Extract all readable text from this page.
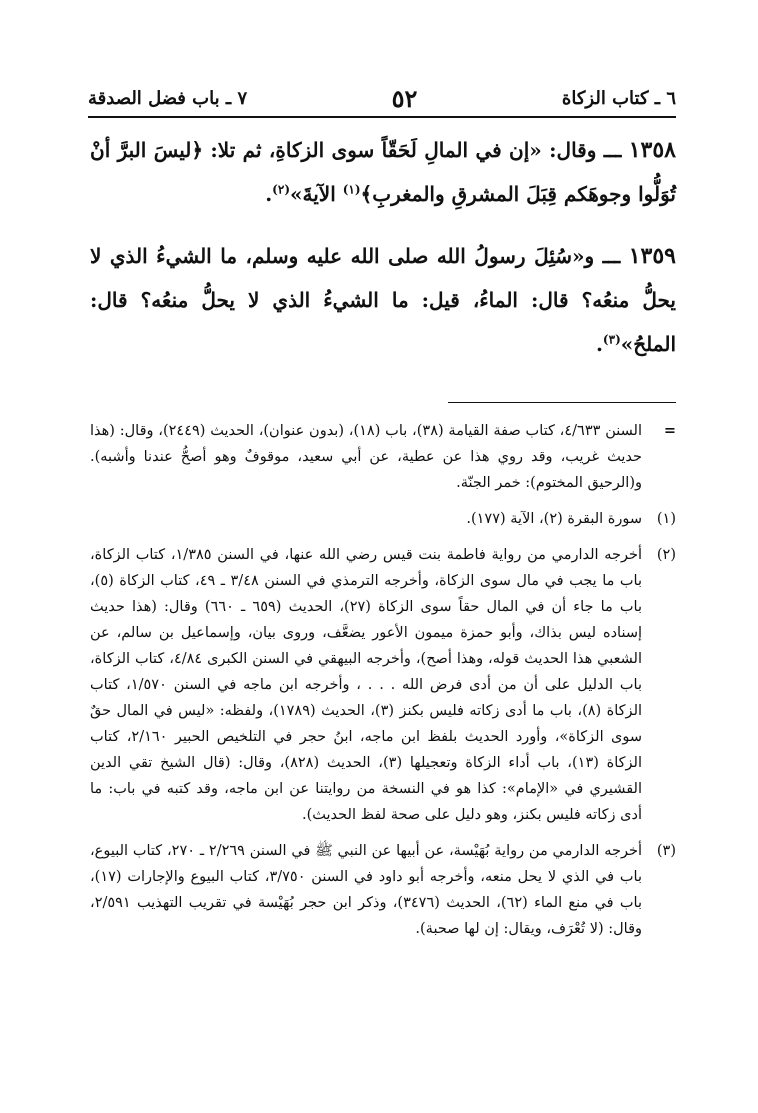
٦ ـ كتاب الزكاة
٥٢
٧ ـ باب فضل الصدقة

١٣٥٨ ـــ وقال: «إن في المالِ لَحَقّاً سوى الزكاةِ، ثم تلا: ﴿ليسَ البرَّ أنْ تُوَلُّوا وجوهَكم قِبَلَ المشرقِ والمغربِ﴾$^{(١)}$ الآيةَ»$^{(٢)}$.

١٣٥٩ ـــ و«سُئِلَ رسولُ الله صلى الله عليه وسلم، ما الشيءُ الذي لا يحلُّ منعُه؟ قال: الماءُ، قيل: ما الشيءُ الذي لا يحلُّ منعُه؟ قال: الملحُ»$^{(٣)}$.

=
السنن ٤/٦٣٣، كتاب صفة القيامة (٣٨)، باب (١٨)، (بدون عنوان)، الحديث (٢٤٤٩)، وقال: (هذا حديث غريب، وقد روي هذا عن عطية، عن أبي سعيد، موقوفٌ وهو أصحُّ عندنا وأشبه). و(الرحيق المختوم): خمر الجنّة.
(١)
سورة البقرة (٢)، الآية (١٧٧).
(٢)
أخرجه الدارمي من رواية فاطمة بنت قيس رضي الله عنها، في السنن ١/٣٨٥، كتاب الزكاة، باب ما يجب في مال سوى الزكاة، وأخرجه الترمذي في السنن ٣/٤٨ ـ ٤٩، كتاب الزكاة (٥)، باب ما جاء أن في المال حقاً سوى الزكاة (٢٧)، الحديث (٦٥٩ ـ ٦٦٠) وقال: (هذا حديث إسناده ليس بذاك، وأبو حمزة ميمون الأعور يضعَّف، وروى بيان، وإسماعيل بن سالم، عن الشعبي هذا الحديث قوله، وهذا أصح)، وأخرجه البيهقي في السنن الكبرى ٤/٨٤، كتاب الزكاة، باب الدليل على أن من أدى فرض الله . . . ، وأخرجه ابن ماجه في السنن ١/٥٧٠، كتاب الزكاة (٨)، باب ما أدى زكاته فليس بكنز (٣)، الحديث (١٧٨٩)، ولفظه: «ليس في المال حقٌ سوى الزكاة»، وأورد الحديث بلفظ ابن ماجه، ابنُ حجر في التلخيص الحبير ٢/١٦٠، كتاب الزكاة (١٣)، باب أداء الزكاة وتعجيلها (٣)، الحديث (٨٢٨)، وقال: (قال الشيخ تقي الدين القشيري في «الإمام»: كذا هو في النسخة من روايتنا عن ابن ماجه، وقد كتبه في باب: ما أدى زكاته فليس بكنز، وهو دليل على صحة لفظ الحديث).
(٣)
أخرجه الدارمي من رواية بُهَيْسة، عن أبيها عن النبي ﷺ في السنن ٢/٢٦٩ ـ ٢٧٠، كتاب البيوع، باب في الذي لا يحل منعه، وأخرجه أبو داود في السنن ٣/٧٥٠، كتاب البيوع والإجارات (١٧)، باب في منع الماء (٦٢)، الحديث (٣٤٧٦)، وذكر ابن حجر بُهَيْسة في تقريب التهذيب ٢/٥٩١، وقال: (لا تُعْرَف، ويقال: إن لها صحبة).
